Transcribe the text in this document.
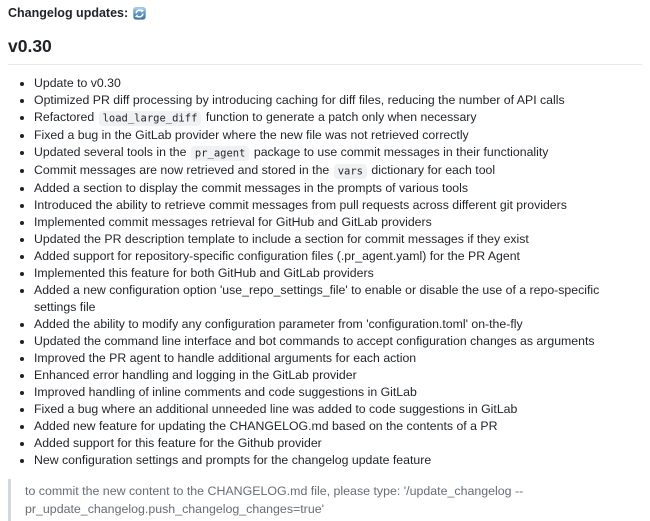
Changelog updates:

v0.30
• Update to v0.30
• Optimized PR diff processing by introducing caching for diff files, reducing the number of API calls
• Refactored load_large_diff function to generate a patch only when necessary
• Fixed a bug in the GitLab provider where the new file was not retrieved correctly
• Updated several tools in the pr_agent package to use commit messages in their functionality
• Commit messages are now retrieved and stored in the vars dictionary for each tool
• Added a section to display the commit messages in the prompts of various tools
• Introduced the ability to retrieve commit messages from pull requests across different git providers
• Implemented commit messages retrieval for GitHub and GitLab providers
• Updated the PR description template to include a section for commit messages if they exist
• Added support for repository-specific configuration files (.pr_agent.yaml) for the PR Agent
• Implemented this feature for both GitHub and GitLab providers
• Added a new configuration option 'use_repo_settings_file' to enable or disable the use of a repo-specific settings file
• Added the ability to modify any configuration parameter from 'configuration.toml' on-the-fly
• Updated the command line interface and bot commands to accept configuration changes as arguments
• Improved the PR agent to handle additional arguments for each action
• Enhanced error handling and logging in the GitLab provider
• Improved handling of inline comments and code suggestions in GitLab
• Fixed a bug where an additional unneeded line was added to code suggestions in GitLab
• Added new feature for updating the CHANGELOG.md based on the contents of a PR
• Added support for this feature for the Github provider
• New configuration settings and prompts for the changelog update feature
to commit the new content to the CHANGELOG.md file, please type: '/update_changelog --
pr_update_changelog.push_changelog_changes=true'
